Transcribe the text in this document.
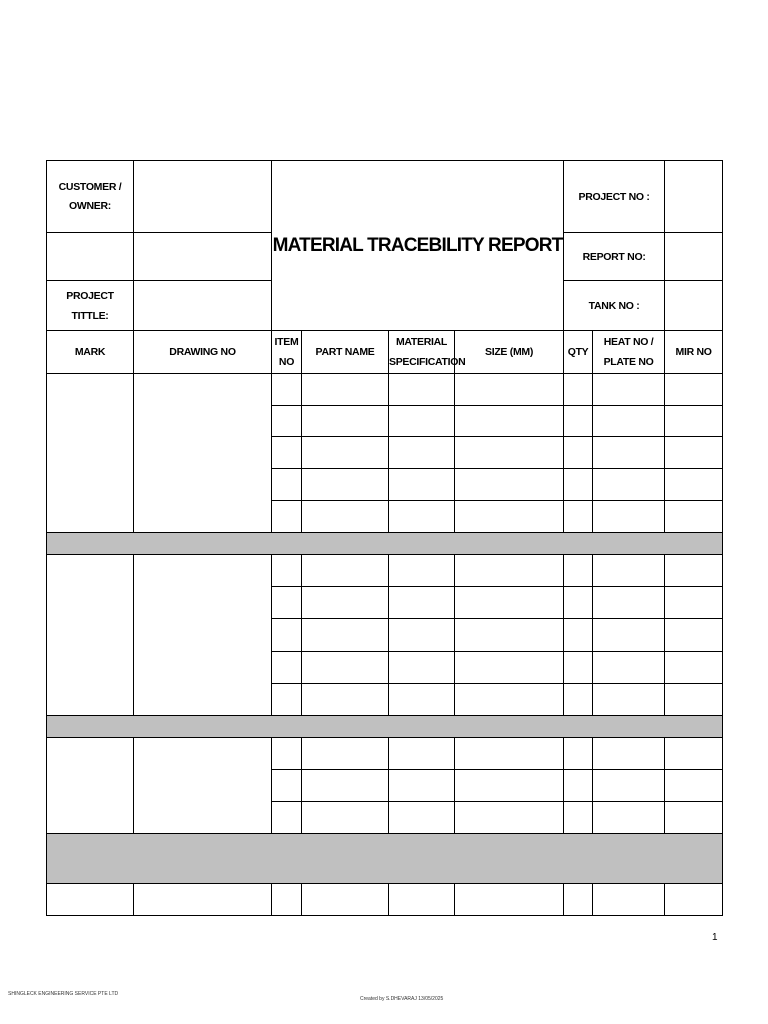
CUSTOMER /
OWNER:		MATERIAL TRACEBILITY REPORT				PROJECT NO :		
						REPORT NO:		
PROJECT TITTLE:						TANK NO :		
MARK	DRAWING NO	ITEM NO	PART NAME	MATERIAL SPECIFICATION	SIZE (MM)	QTY	HEAT NO / PLATE NO	MIR NO

1
SHINGLECK ENGINEERING SERVICE PTE LTD
Created by S.DHEVARAJ 13/05/2025
